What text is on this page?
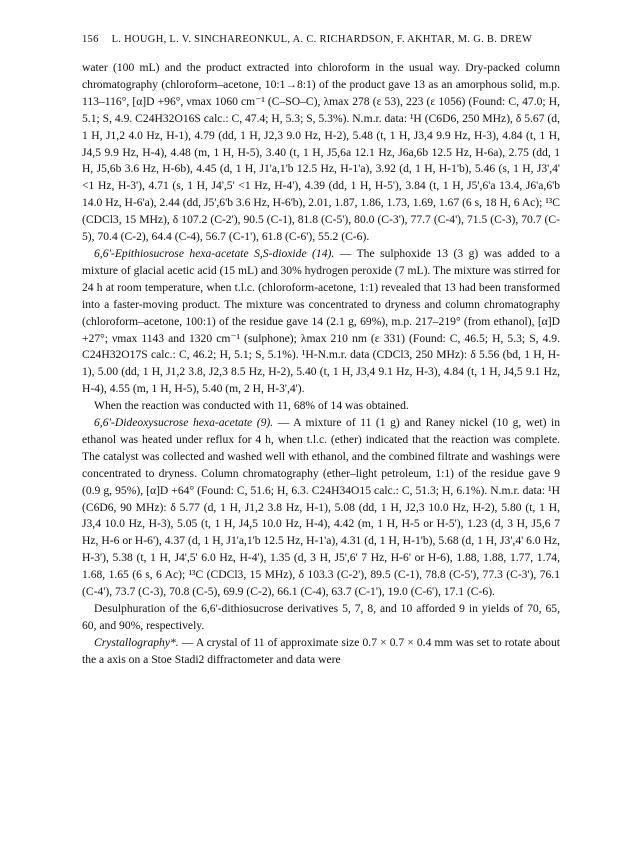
156 L. HOUGH, L. V. SINCHAREONKUL, A. C. RICHARDSON, F. AKHTAR, M. G. B. DREW

water (100 mL) and the product extracted into chloroform in the usual way. Dry-packed column chromatography (chloroform–acetone, 10:1→8:1) of the product gave 13 as an amorphous solid, m.p. 113–116°, [α]D +96°, νmax 1060 cm⁻¹ (C–SO–C), λmax 278 (ε 53), 223 (ε 1056) (Found: C, 47.0; H, 5.1; S, 4.9. C24H32O16S calc.: C, 47.4; H, 5.3; S, 5.3%). N.m.r. data: ¹H (C6D6, 250 MHz), δ 5.67 (d, 1 H, J1,2 4.0 Hz, H-1), 4.79 (dd, 1 H, J2,3 9.0 Hz, H-2), 5.48 (t, 1 H, J3,4 9.9 Hz, H-3), 4.84 (t, 1 H, J4,5 9.9 Hz, H-4), 4.48 (m, 1 H, H-5), 3.40 (t, 1 H, J5,6a 12.1 Hz, J6a,6b 12.5 Hz, H-6a), 2.75 (dd, 1 H, J5,6b 3.6 Hz, H-6b), 4.45 (d, 1 H, J1'a,1'b 12.5 Hz, H-1'a), 3.92 (d, 1 H, H-1'b), 5.46 (s, 1 H, J3',4' <1 Hz, H-3'), 4.71 (s, 1 H, J4',5' <1 Hz, H-4'), 4.39 (dd, 1 H, H-5'), 3.84 (t, 1 H, J5',6'a 13.4, J6'a,6'b 14.0 Hz, H-6'a), 2.44 (dd, J5',6'b 3.6 Hz, H-6'b), 2.01, 1.87, 1.86, 1.73, 1.69, 1.67 (6 s, 18 H, 6 Ac); ¹³C (CDCl3, 15 MHz), δ 107.2 (C-2'), 90.5 (C-1), 81.8 (C-5'), 80.0 (C-3'), 77.7 (C-4'), 71.5 (C-3), 70.7 (C-5), 70.4 (C-2), 64.4 (C-4), 56.7 (C-1'), 61.8 (C-6'), 55.2 (C-6).

6,6'-Epithiosucrose hexa-acetate S,S-dioxide (14). — The sulphoxide 13 (3 g) was added to a mixture of glacial acetic acid (15 mL) and 30% hydrogen peroxide (7 mL). The mixture was stirred for 24 h at room temperature, when t.l.c. (chloroform-acetone, 1:1) revealed that 13 had been transformed into a faster-moving product. The mixture was concentrated to dryness and column chromatography (chloroform–acetone, 100:1) of the residue gave 14 (2.1 g, 69%), m.p. 217–219° (from ethanol), [α]D +27°; νmax 1143 and 1320 cm⁻¹ (sulphone); λmax 210 nm (ε 331) (Found: C, 46.5; H, 5.3; S, 4.9. C24H32O17S calc.: C, 46.2; H, 5.1; S, 5.1%). ¹H-N.m.r. data (CDCl3, 250 MHz): δ 5.56 (bd, 1 H, H-1), 5.00 (dd, 1 H, J1,2 3.8, J2,3 8.5 Hz, H-2), 5.40 (t, 1 H, J3,4 9.1 Hz, H-3), 4.84 (t, 1 H, J4,5 9.1 Hz, H-4), 4.55 (m, 1 H, H-5), 5.40 (m, 2 H, H-3',4').

When the reaction was conducted with 11, 68% of 14 was obtained.

6,6'-Dideoxysucrose hexa-acetate (9). — A mixture of 11 (1 g) and Raney nickel (10 g, wet) in ethanol was heated under reflux for 4 h, when t.l.c. (ether) indicated that the reaction was complete. The catalyst was collected and washed well with ethanol, and the combined filtrate and washings were concentrated to dryness. Column chromatography (ether–light petroleum, 1:1) of the residue gave 9 (0.9 g, 95%), [α]D +64° (Found: C, 51.6; H, 6.3. C24H34O15 calc.: C, 51.3; H, 6.1%). N.m.r. data: ¹H (C6D6, 90 MHz): δ 5.77 (d, 1 H, J1,2 3.8 Hz, H-1), 5.08 (dd, 1 H, J2,3 10.0 Hz, H-2), 5.80 (t, 1 H, J3,4 10.0 Hz, H-3), 5.05 (t, 1 H, J4,5 10.0 Hz, H-4), 4.42 (m, 1 H, H-5 or H-5'), 1.23 (d, 3 H, J5,6 7 Hz, H-6 or H-6'), 4.37 (d, 1 H, J1'a,1'b 12.5 Hz, H-1'a), 4.31 (d, 1 H, H-1'b), 5.68 (d, 1 H, J3',4' 6.0 Hz, H-3'), 5.38 (t, 1 H, J4',5' 6.0 Hz, H-4'), 1.35 (d, 3 H, J5',6' 7 Hz, H-6' or H-6), 1.88, 1.88, 1.77, 1.74, 1.68, 1.65 (6 s, 6 Ac); ¹³C (CDCl3, 15 MHz), δ 103.3 (C-2'), 89.5 (C-1), 78.8 (C-5'), 77.3 (C-3'), 76.1 (C-4'), 73.7 (C-3), 70.8 (C-5), 69.9 (C-2), 66.1 (C-4), 63.7 (C-1'), 19.0 (C-6'), 17.1 (C-6).

Desulphuration of the 6,6'-dithiosucrose derivatives 5, 7, 8, and 10 afforded 9 in yields of 70, 65, 60, and 90%, respectively.

Crystallography*. — A crystal of 11 of approximate size 0.7 × 0.7 × 0.4 mm was set to rotate about the a axis on a Stoe Stadi2 diffractometer and data were
